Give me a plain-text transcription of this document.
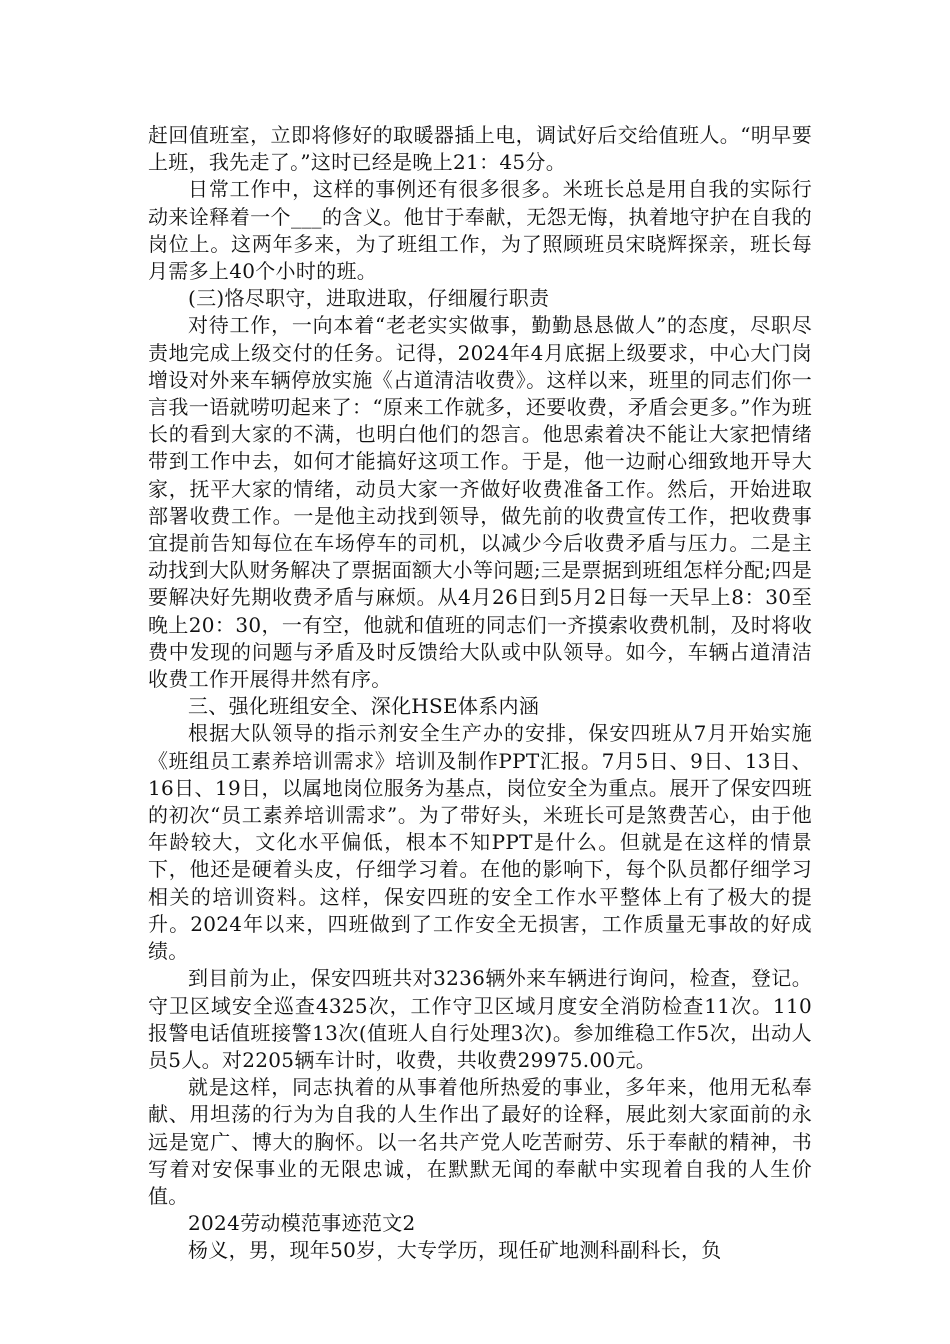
赶回值班室，立即将修好的取暖器插上电，调试好后交给值班人。“明早要上班，我先走了。”这时已经是晚上21：45分。

日常工作中，这样的事例还有很多很多。米班长总是用自我的实际行动来诠释着一个___的含义。他甘于奉献，无怨无悔，执着地守护在自我的岗位上。这两年多来，为了班组工作，为了照顾班员宋晓辉探亲，班长每月需多上40个小时的班。

(三)恪尽职守，进取进取，仔细履行职责

对待工作，一向本着“老老实实做事，勤勤恳恳做人”的态度，尽职尽责地完成上级交付的任务。记得，2024年4月底据上级要求，中心大门岗增设对外来车辆停放实施《占道清洁收费》。这样以来，班里的同志们你一言我一语就唠叨起来了：“原来工作就多，还要收费，矛盾会更多。”作为班长的看到大家的不满，也明白他们的怨言。他思索着决不能让大家把情绪带到工作中去，如何才能搞好这项工作。于是，他一边耐心细致地开导大家，抚平大家的情绪，动员大家一齐做好收费准备工作。然后，开始进取部署收费工作。一是他主动找到领导，做先前的收费宣传工作，把收费事宜提前告知每位在车场停车的司机，以减少今后收费矛盾与压力。二是主动找到大队财务解决了票据面额大小等问题;三是票据到班组怎样分配;四是要解决好先期收费矛盾与麻烦。从4月26日到5月2日每一天早上8：30至晚上20：30，一有空，他就和值班的同志们一齐摸索收费机制，及时将收费中发现的问题与矛盾及时反馈给大队或中队领导。如今，车辆占道清洁收费工作开展得井然有序。

三、强化班组安全、深化HSE体系内涵

根据大队领导的指示剂安全生产办的安排，保安四班从7月开始实施《班组员工素养培训需求》培训及制作PPT汇报。7月5日、9日、13日、16日、19日，以属地岗位服务为基点，岗位安全为重点。展开了保安四班的初次“员工素养培训需求”。为了带好头，米班长可是煞费苦心，由于他年龄较大，文化水平偏低，根本不知PPT是什么。但就是在这样的情景下，他还是硬着头皮，仔细学习着。在他的影响下，每个队员都仔细学习相关的培训资料。这样，保安四班的安全工作水平整体上有了极大的提升。2024年以来，四班做到了工作安全无损害，工作质量无事故的好成绩。

到目前为止，保安四班共对3236辆外来车辆进行询问，检查，登记。守卫区域安全巡查4325次，工作守卫区域月度安全消防检查11次。110报警电话值班接警13次(值班人自行处理3次)。参加维稳工作5次，出动人员5人。对2205辆车计时，收费，共收费29975.00元。

就是这样，同志执着的从事着他所热爱的事业，多年来，他用无私奉献、用坦荡的行为为自我的人生作出了最好的诠释，展此刻大家面前的永远是宽广、博大的胸怀。以一名共产党人吃苦耐劳、乐于奉献的精神，书写着对安保事业的无限忠诚，在默默无闻的奉献中实现着自我的人生价值。

2024劳动模范事迹范文2

杨义，男，现年50岁，大专学历，现任矿地测科副科长，负
